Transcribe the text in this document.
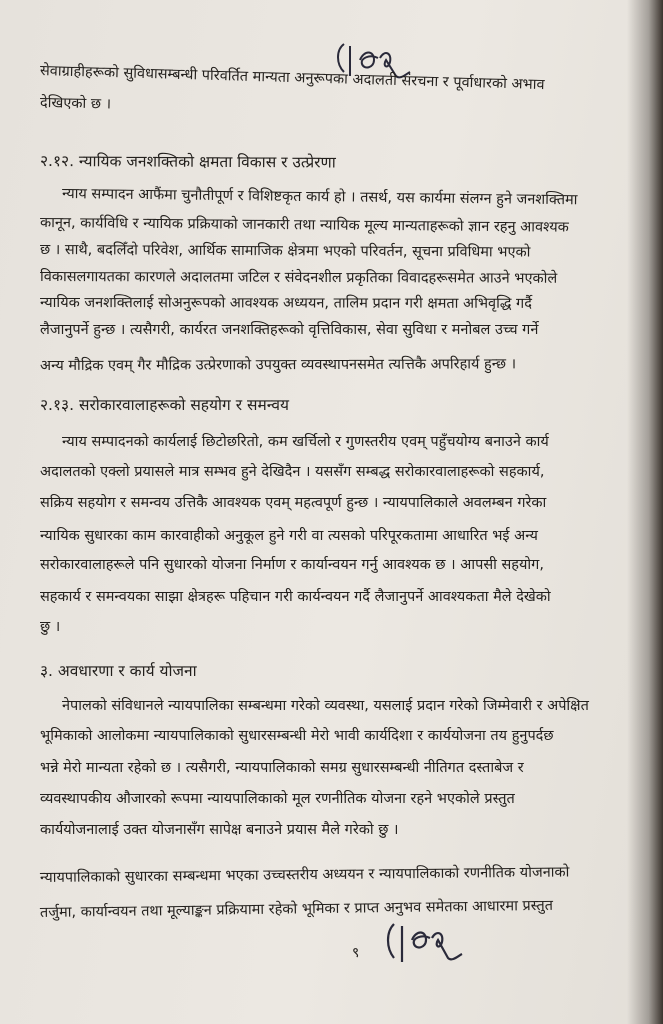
सेवाग्राहीहरूको सुविधासम्बन्धी परिवर्तित मान्यता अनुरूपका अदालती संरचना र पूर्वाधारको अभाव
देखिएको छ ।
२.१२. न्यायिक जनशक्तिको क्षमता विकास र उत्प्रेरणा
न्याय सम्पादन आफैंमा चुनौतीपूर्ण र विशिष्टकृत कार्य हो । तसर्थ, यस कार्यमा संलग्न हुने जनशक्तिमा
कानून, कार्यविधि र न्यायिक प्रक्रियाको जानकारी तथा न्यायिक मूल्य मान्यताहरूको ज्ञान रहनु आवश्यक
छ । साथै, बदलिँदो परिवेश, आर्थिक सामाजिक क्षेत्रमा भएको परिवर्तन, सूचना प्रविधिमा भएको
विकासलगायतका कारणले अदालतमा जटिल र संवेदनशील प्रकृतिका विवादहरूसमेत आउने भएकोले
न्यायिक जनशक्तिलाई सोअनुरूपको आवश्यक अध्ययन, तालिम प्रदान गरी क्षमता अभिवृद्धि गर्दै
लैजानुपर्ने हुन्छ । त्यसैगरी, कार्यरत जनशक्तिहरूको वृत्तिविकास, सेवा सुविधा र मनोबल उच्च गर्ने
अन्य मौद्रिक एवम् गैर मौद्रिक उत्प्रेरणाको उपयुक्त व्यवस्थापनसमेत त्यत्तिकै अपरिहार्य हुन्छ ।
२.१३. सरोकारवालाहरूको सहयोग र समन्वय
न्याय सम्पादनको कार्यलाई छिटोछरितो, कम खर्चिलो र गुणस्तरीय एवम् पहुँचयोग्य बनाउने कार्य
अदालतको एक्लो प्रयासले मात्र सम्भव हुने देखिदैन । यससँग सम्बद्ध सरोकारवालाहरूको सहकार्य,
सक्रिय सहयोग र समन्वय उत्तिकै आवश्यक एवम् महत्वपूर्ण हुन्छ । न्यायपालिकाले अवलम्बन गरेका
न्यायिक सुधारका काम कारवाहीको अनुकूल हुने गरी वा त्यसको परिपूरकतामा आधारित भई अन्य
सरोकारवालाहरूले पनि सुधारको योजना निर्माण र कार्यान्वयन गर्नु आवश्यक छ । आपसी सहयोग,
सहकार्य र समन्वयका साझा क्षेत्रहरू पहिचान गरी कार्यन्वयन गर्दै लैजानुपर्ने आवश्यकता मैले देखेको
छु ।
३. अवधारणा र कार्य योजना
नेपालको संविधानले न्यायपालिका सम्बन्धमा गरेको व्यवस्था, यसलाई प्रदान गरेको जिम्मेवारी र अपेक्षित
भूमिकाको आलोकमा न्यायपालिकाको सुधारसम्बन्धी मेरो भावी कार्यदिशा र कार्ययोजना तय हुनुपर्दछ
भन्ने मेरो मान्यता रहेको छ । त्यसैगरी, न्यायपालिकाको समग्र सुधारसम्बन्धी नीतिगत दस्ताबेज र
व्यवस्थापकीय औजारको रूपमा न्यायपालिकाको मूल रणनीतिक योजना रहने भएकोले प्रस्तुत
कार्ययोजनालाई उक्त योजनासँग सापेक्ष बनाउने प्रयास मैले गरेको छु ।
न्यायपालिकाको सुधारका सम्बन्धमा भएका उच्चस्तरीय अध्ययन र न्यायपालिकाको रणनीतिक योजनाको
तर्जुमा, कार्यान्वयन तथा मूल्याङ्कन प्रक्रियामा रहेको भूमिका र प्राप्त अनुभव समेतका आधारमा प्रस्तुत
९
